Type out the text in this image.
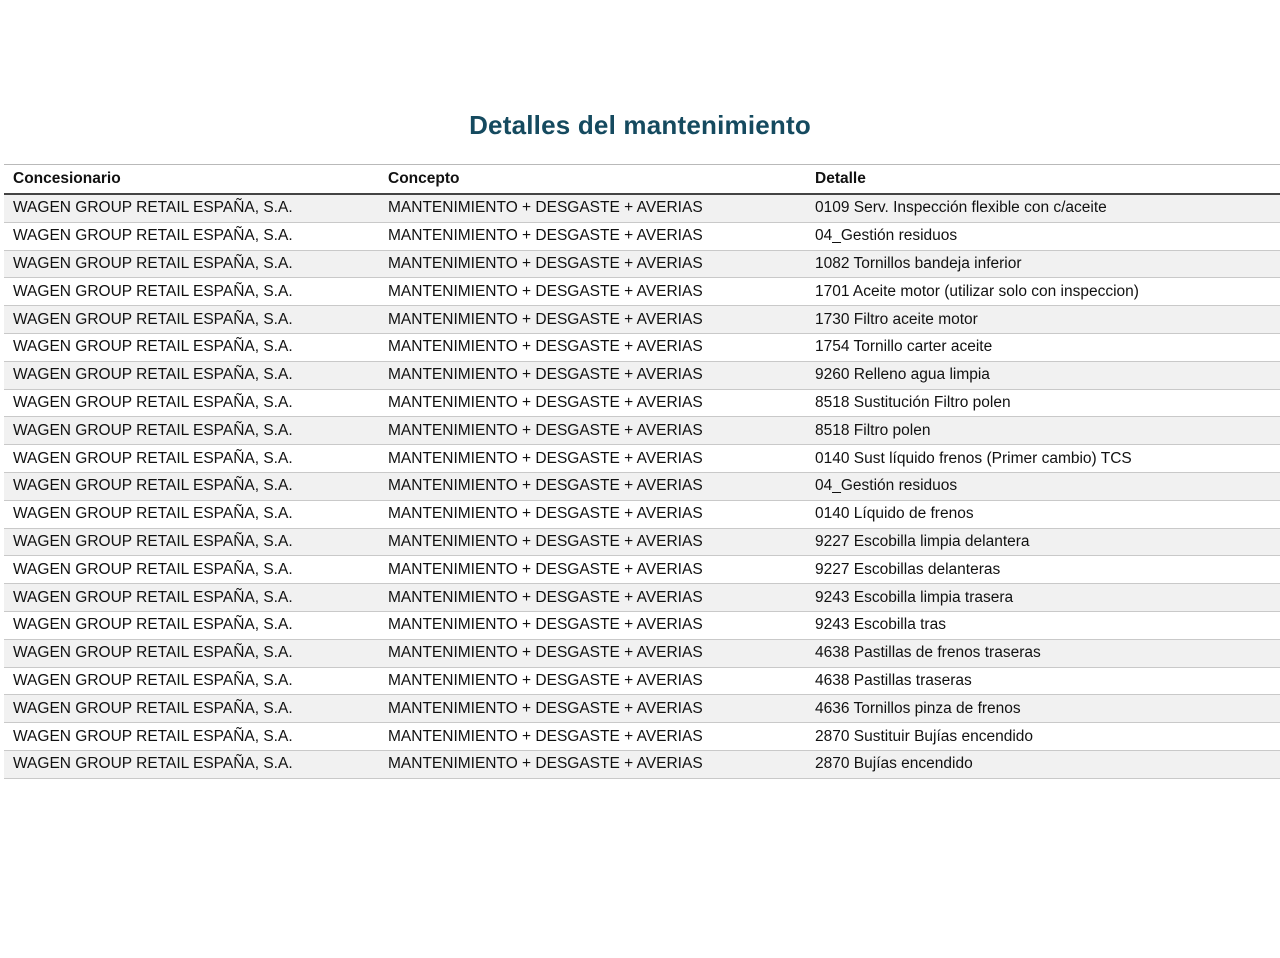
Detalles del mantenimiento
Concesionario	Concepto	Detalle
WAGEN GROUP RETAIL ESPAÑA, S.A.	MANTENIMIENTO + DESGASTE + AVERIAS	0109 Serv. Inspección flexible con c/aceite
WAGEN GROUP RETAIL ESPAÑA, S.A.	MANTENIMIENTO + DESGASTE + AVERIAS	04_Gestión residuos
WAGEN GROUP RETAIL ESPAÑA, S.A.	MANTENIMIENTO + DESGASTE + AVERIAS	1082 Tornillos bandeja inferior
WAGEN GROUP RETAIL ESPAÑA, S.A.	MANTENIMIENTO + DESGASTE + AVERIAS	1701 Aceite motor (utilizar solo con inspeccion)
WAGEN GROUP RETAIL ESPAÑA, S.A.	MANTENIMIENTO + DESGASTE + AVERIAS	1730 Filtro aceite motor
WAGEN GROUP RETAIL ESPAÑA, S.A.	MANTENIMIENTO + DESGASTE + AVERIAS	1754 Tornillo carter aceite
WAGEN GROUP RETAIL ESPAÑA, S.A.	MANTENIMIENTO + DESGASTE + AVERIAS	9260 Relleno agua limpia
WAGEN GROUP RETAIL ESPAÑA, S.A.	MANTENIMIENTO + DESGASTE + AVERIAS	8518 Sustitución Filtro polen
WAGEN GROUP RETAIL ESPAÑA, S.A.	MANTENIMIENTO + DESGASTE + AVERIAS	8518 Filtro polen
WAGEN GROUP RETAIL ESPAÑA, S.A.	MANTENIMIENTO + DESGASTE + AVERIAS	0140 Sust líquido frenos (Primer cambio) TCS
WAGEN GROUP RETAIL ESPAÑA, S.A.	MANTENIMIENTO + DESGASTE + AVERIAS	04_Gestión residuos
WAGEN GROUP RETAIL ESPAÑA, S.A.	MANTENIMIENTO + DESGASTE + AVERIAS	0140 Líquido de frenos
WAGEN GROUP RETAIL ESPAÑA, S.A.	MANTENIMIENTO + DESGASTE + AVERIAS	9227 Escobilla limpia delantera
WAGEN GROUP RETAIL ESPAÑA, S.A.	MANTENIMIENTO + DESGASTE + AVERIAS	9227 Escobillas delanteras
WAGEN GROUP RETAIL ESPAÑA, S.A.	MANTENIMIENTO + DESGASTE + AVERIAS	9243 Escobilla limpia trasera
WAGEN GROUP RETAIL ESPAÑA, S.A.	MANTENIMIENTO + DESGASTE + AVERIAS	9243 Escobilla tras
WAGEN GROUP RETAIL ESPAÑA, S.A.	MANTENIMIENTO + DESGASTE + AVERIAS	4638 Pastillas de frenos traseras
WAGEN GROUP RETAIL ESPAÑA, S.A.	MANTENIMIENTO + DESGASTE + AVERIAS	4638 Pastillas traseras
WAGEN GROUP RETAIL ESPAÑA, S.A.	MANTENIMIENTO + DESGASTE + AVERIAS	4636 Tornillos pinza de frenos
WAGEN GROUP RETAIL ESPAÑA, S.A.	MANTENIMIENTO + DESGASTE + AVERIAS	2870 Sustituir Bujías encendido
WAGEN GROUP RETAIL ESPAÑA, S.A.	MANTENIMIENTO + DESGASTE + AVERIAS	2870 Bujías encendido
